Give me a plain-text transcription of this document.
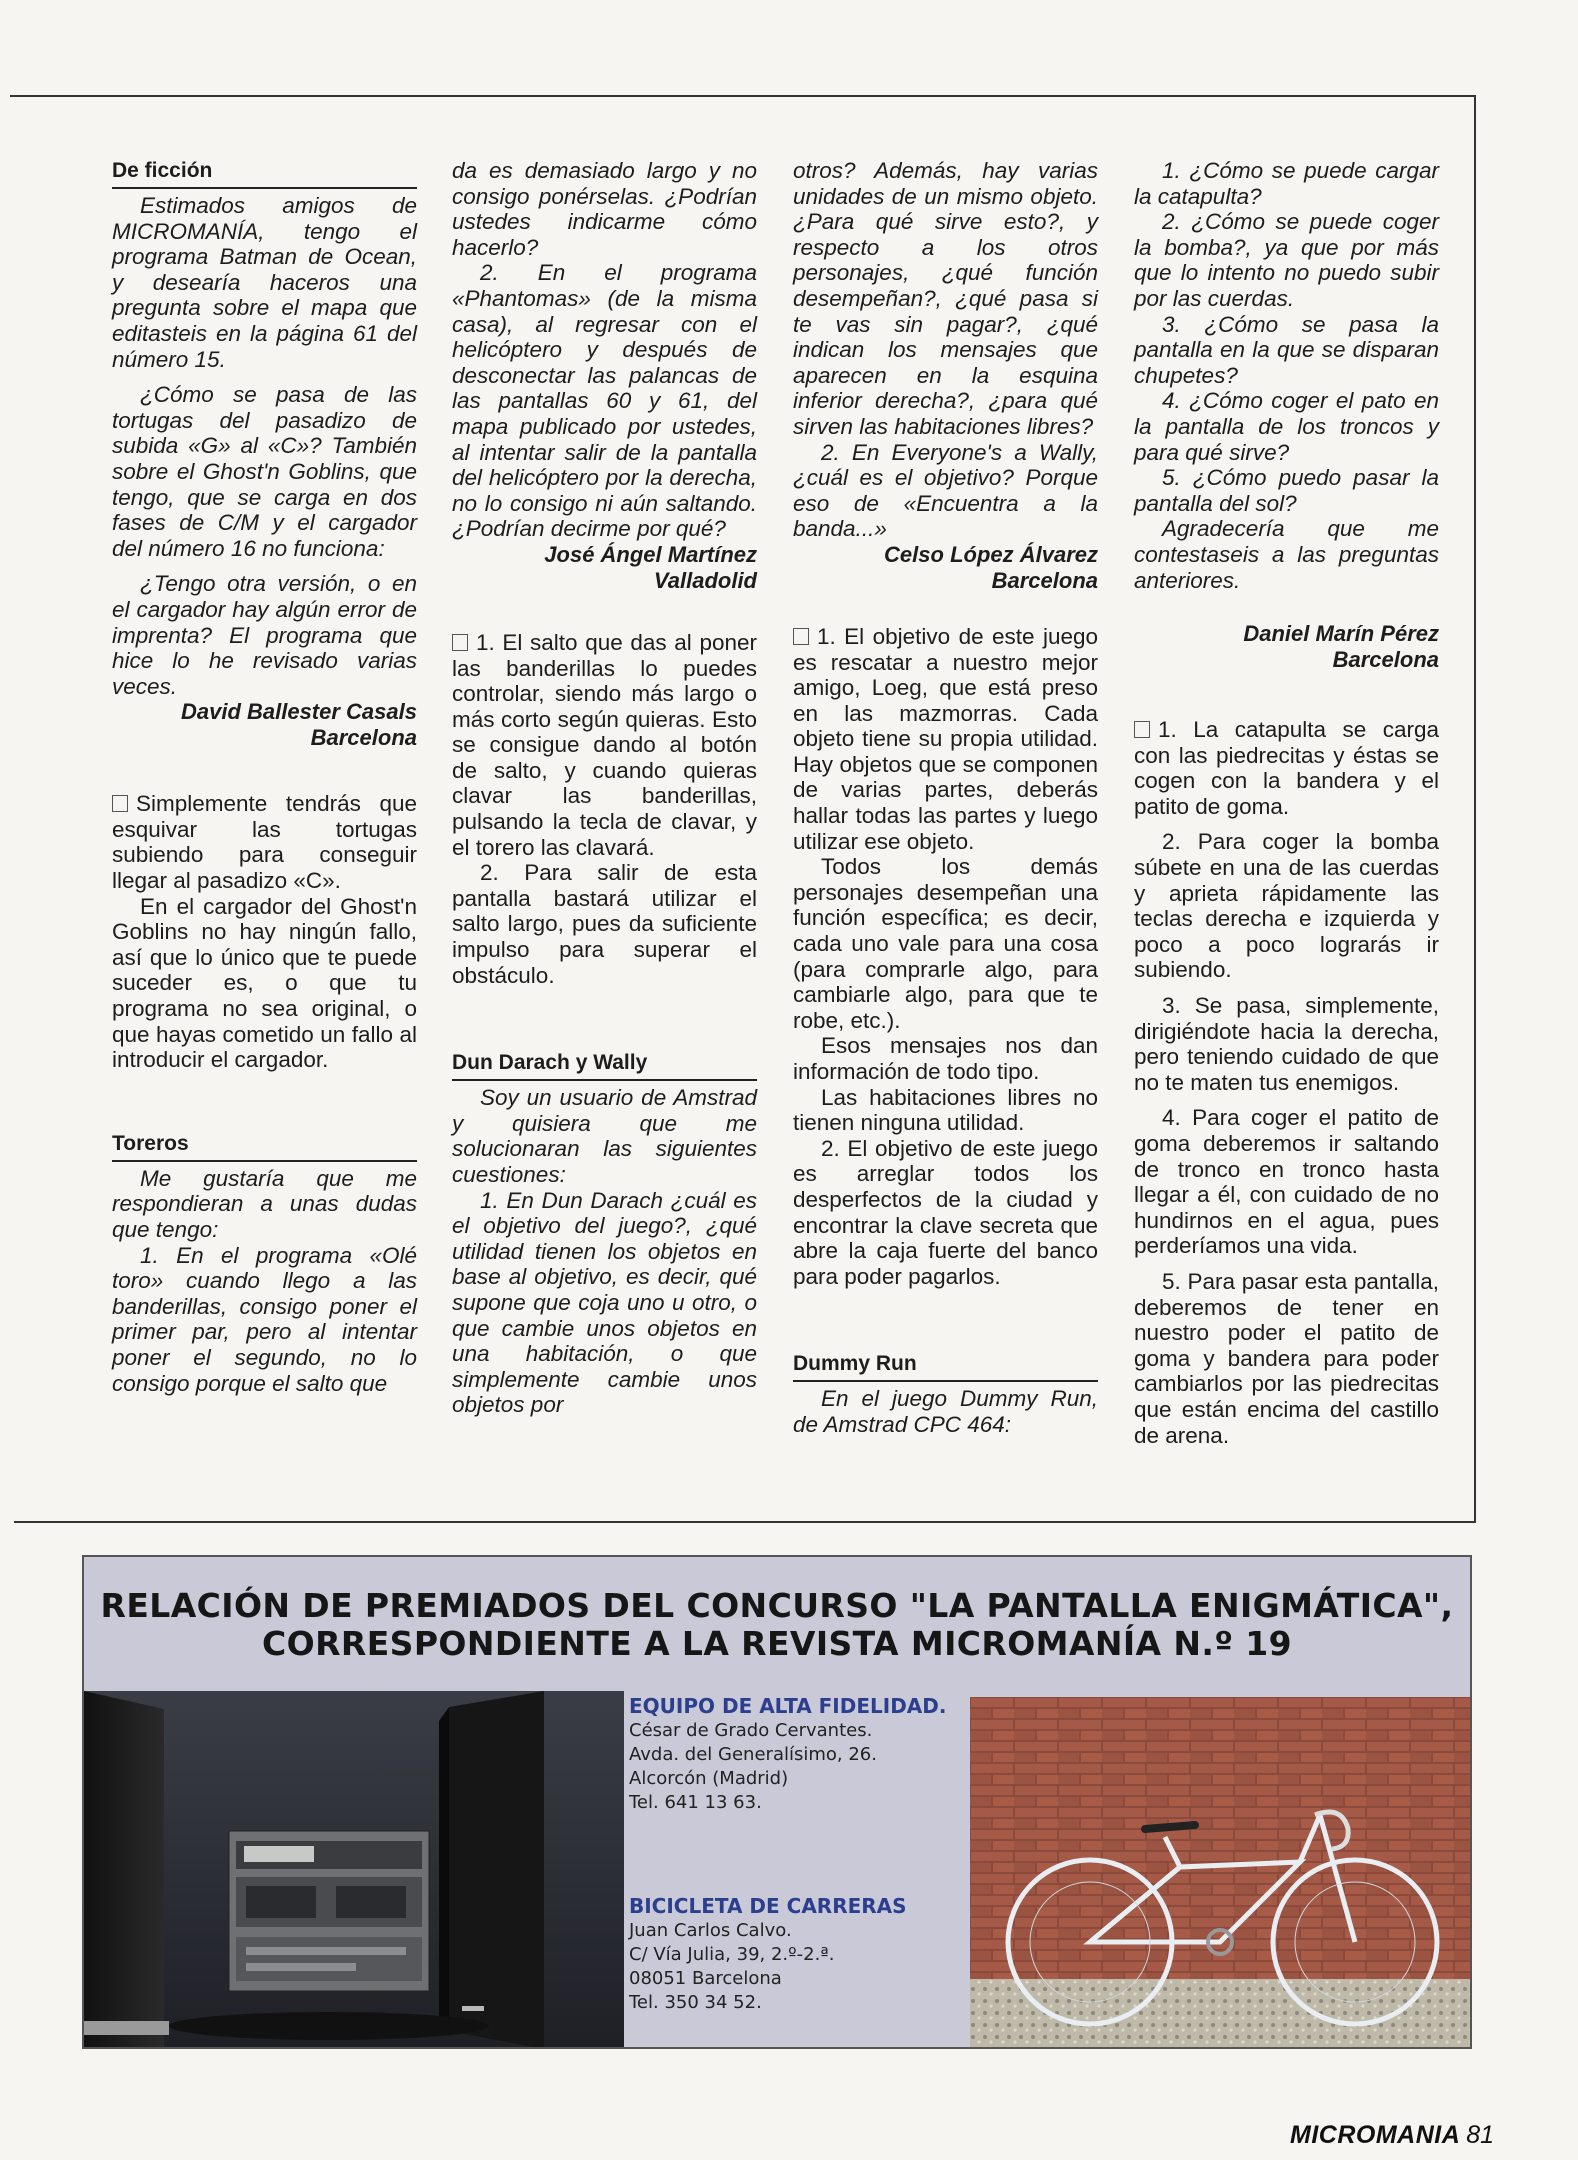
De ficción

Estimados amigos de MICROMANÍA, tengo el programa Batman de Ocean, y desearía haceros una pregunta sobre el mapa que editasteis en la página 61 del número 15.

¿Cómo se pasa de las tortugas del pasadizo de subida «G» al «C»? También sobre el Ghost'n Goblins, que tengo, que se carga en dos fases de C/M y el cargador del número 16 no funciona:

¿Tengo otra versión, o en el cargador hay algún error de imprenta? El programa que hice lo he revisado varias veces.

David Ballester Casals

Barcelona

Simplemente tendrás que esquivar las tortugas subiendo para conseguir llegar al pasadizo «C».

En el cargador del Ghost'n Goblins no hay ningún fallo, así que lo único que te puede suceder es, o que tu programa no sea original, o que hayas cometido un fallo al introducir el cargador.

Toreros

Me gustaría que me respondieran a unas dudas que tengo:

1. En el programa «Olé toro» cuando llego a las banderillas, consigo poner el primer par, pero al intentar poner el segundo, no lo consigo porque el salto que

da es demasiado largo y no consigo ponérselas. ¿Podrían ustedes indicarme cómo hacerlo?

2. En el programa «Phantomas» (de la misma casa), al regresar con el helicóptero y después de desconectar las palancas de las pantallas 60 y 61, del mapa publicado por ustedes, al intentar salir de la pantalla del helicóptero por la derecha, no lo consigo ni aún saltando. ¿Podrían decirme por qué?

José Ángel Martínez

Valladolid

1. El salto que das al poner las banderillas lo puedes controlar, siendo más largo o más corto según quieras. Esto se consigue dando al botón de salto, y cuando quieras clavar las banderillas, pulsando la tecla de clavar, y el torero las clavará.

2. Para salir de esta pantalla bastará utilizar el salto largo, pues da suficiente impulso para superar el obstáculo.

Dun Darach y Wally

Soy un usuario de Amstrad y quisiera que me solucionaran las siguientes cuestiones:

1. En Dun Darach ¿cuál es el objetivo del juego?, ¿qué utilidad tienen los objetos en base al objetivo, es decir, qué supone que coja uno u otro, o que cambie unos objetos en una habitación, o que simplemente cambie unos objetos por

otros? Además, hay varias unidades de un mismo objeto. ¿Para qué sirve esto?, y respecto a los otros personajes, ¿qué función desempeñan?, ¿qué pasa si te vas sin pagar?, ¿qué indican los mensajes que aparecen en la esquina inferior derecha?, ¿para qué sirven las habitaciones libres?

2. En Everyone's a Wally, ¿cuál es el objetivo? Porque eso de «Encuentra a la banda...»

Celso López Álvarez

Barcelona

1. El objetivo de este juego es rescatar a nuestro mejor amigo, Loeg, que está preso en las mazmorras. Cada objeto tiene su propia utilidad. Hay objetos que se componen de varias partes, deberás hallar todas las partes y luego utilizar ese objeto.

Todos los demás personajes desempeñan una función específica; es decir, cada uno vale para una cosa (para comprarle algo, para cambiarle algo, para que te robe, etc.).

Esos mensajes nos dan información de todo tipo.

Las habitaciones libres no tienen ninguna utilidad.

2. El objetivo de este juego es arreglar todos los desperfectos de la ciudad y encontrar la clave secreta que abre la caja fuerte del banco para poder pagarlos.

Dummy Run

En el juego Dummy Run, de Amstrad CPC 464:

1. ¿Cómo se puede cargar la catapulta?

2. ¿Cómo se puede coger la bomba?, ya que por más que lo intento no puedo subir por las cuerdas.

3. ¿Cómo se pasa la pantalla en la que se disparan chupetes?

4. ¿Cómo coger el pato en la pantalla de los troncos y para qué sirve?

5. ¿Cómo puedo pasar la pantalla del sol?

Agradecería que me contestaseis a las preguntas anteriores.

Daniel Marín Pérez

Barcelona

1. La catapulta se carga con las piedrecitas y éstas se cogen con la bandera y el patito de goma.

2. Para coger la bomba súbete en una de las cuerdas y aprieta rápidamente las teclas derecha e izquierda y poco a poco lograrás ir subiendo.

3. Se pasa, simplemente, dirigiéndote hacia la derecha, pero teniendo cuidado de que no te maten tus enemigos.

4. Para coger el patito de goma deberemos ir saltando de tronco en tronco hasta llegar a él, con cuidado de no hundirnos en el agua, pues perderíamos una vida.

5. Para pasar esta pantalla, deberemos de tener en nuestro poder el patito de goma y bandera para poder cambiarlos por las piedrecitas que están encima del castillo de arena.

RELACIÓN DE PREMIADOS DEL CONCURSO "LA PANTALLA ENIGMÁTICA",
CORRESPONDIENTE A LA REVISTA MICROMANÍA N.º 19

EQUIPO DE ALTA FIDELIDAD.

César de Grado Cervantes.

Avda. del Generalísimo, 26.

Alcorcón (Madrid)

Tel. 641 13 63.

BICICLETA DE CARRERAS

Juan Carlos Calvo.

C/ Vía Julia, 39, 2.º-2.ª.

08051 Barcelona

Tel. 350 34 52.

MICROMANIA 81
